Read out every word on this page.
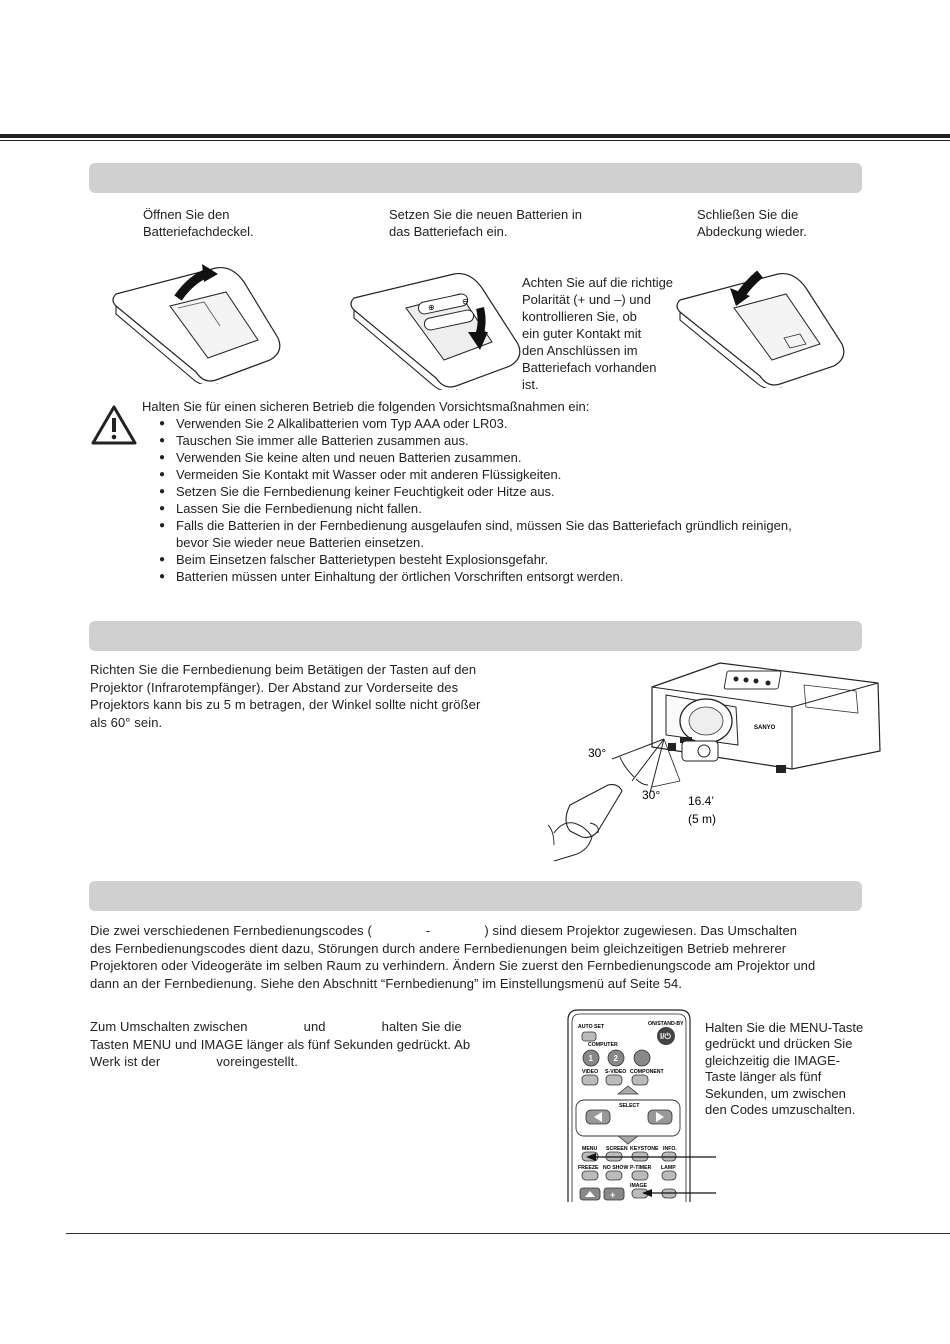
Öffnen Sie den
Batteriefachdeckel.
Setzen Sie die neuen Batterien in
das Batteriefach ein.
Schließen Sie die
Abdeckung wieder.
⊕
⊖
Achten Sie auf die richtige
Polarität (+ und –) und
kontrollieren Sie, ob
ein guter Kontakt mit
den Anschlüssen im
Batteriefach vorhanden
ist.
Halten Sie für einen sicheren Betrieb die folgenden Vorsichtsmaßnahmen ein:
● Verwenden Sie 2 Alkalibatterien vom Typ AAA oder LR03.
● Tauschen Sie immer alle Batterien zusammen aus.
● Verwenden Sie keine alten und neuen Batterien zusammen.
● Vermeiden Sie Kontakt mit Wasser oder mit anderen Flüssigkeiten.
● Setzen Sie die Fernbedienung keiner Feuchtigkeit oder Hitze aus.
● Lassen Sie die Fernbedienung nicht fallen.
● Falls die Batterien in der Fernbedienung ausgelaufen sind, müssen Sie das Batteriefach gründlich reinigen,
bevor Sie wieder neue Batterien einsetzen.
● Beim Einsetzen falscher Batterietypen besteht Explosionsgefahr.
● Batterien müssen unter Einhaltung der örtlichen Vorschriften entsorgt werden.
Richten Sie die Fernbedienung beim Betätigen der Tasten auf den
Projektor (Infrarotempfänger). Der Abstand zur Vorderseite des
Projektors kann bis zu 5 m betragen, der Winkel sollte nicht größer
als 60° sein.	SANYO
30°
30° 16.4’
(5 m)
Die zwei verschiedenen Fernbedienungscodes (	-	) sind diesem Projektor zugewiesen. Das Umschalten
des Fernbedienungscodes dient dazu, Störungen durch andere Fernbedienungen beim gleichzeitigen Betrieb mehrerer
Projektoren oder Videogeräte im selben Raum zu verhindern. Ändern Sie zuerst den Fernbedienungscode am Projektor und
dann an der Fernbedienung. Siehe den Abschnitt “Fernbedienung” im Einstellungsmenü auf Seite 54.
Zum Umschalten zwischen	und	halten Sie die
Tasten MENU und IMAGE länger als fünf Sekunden gedrückt. Ab
Werk ist der	voreingestellt.
Halten Sie die MENU-Taste
gedrückt und drücken Sie
gleichzeitig die IMAGE-
Taste länger als fünf
Sekunden, um zwischen
den Codes umzuschalten.
AUTO SET	ON/STAND-BY
I/⏻
COMPUTER
1	2
VIDEO S-VIDEO COMPONENT
SELECT
MENU SCREEN KEYSTONE INFO.
FREEZE NO SHOW P-TIMER LAMP
IMAGE
+
